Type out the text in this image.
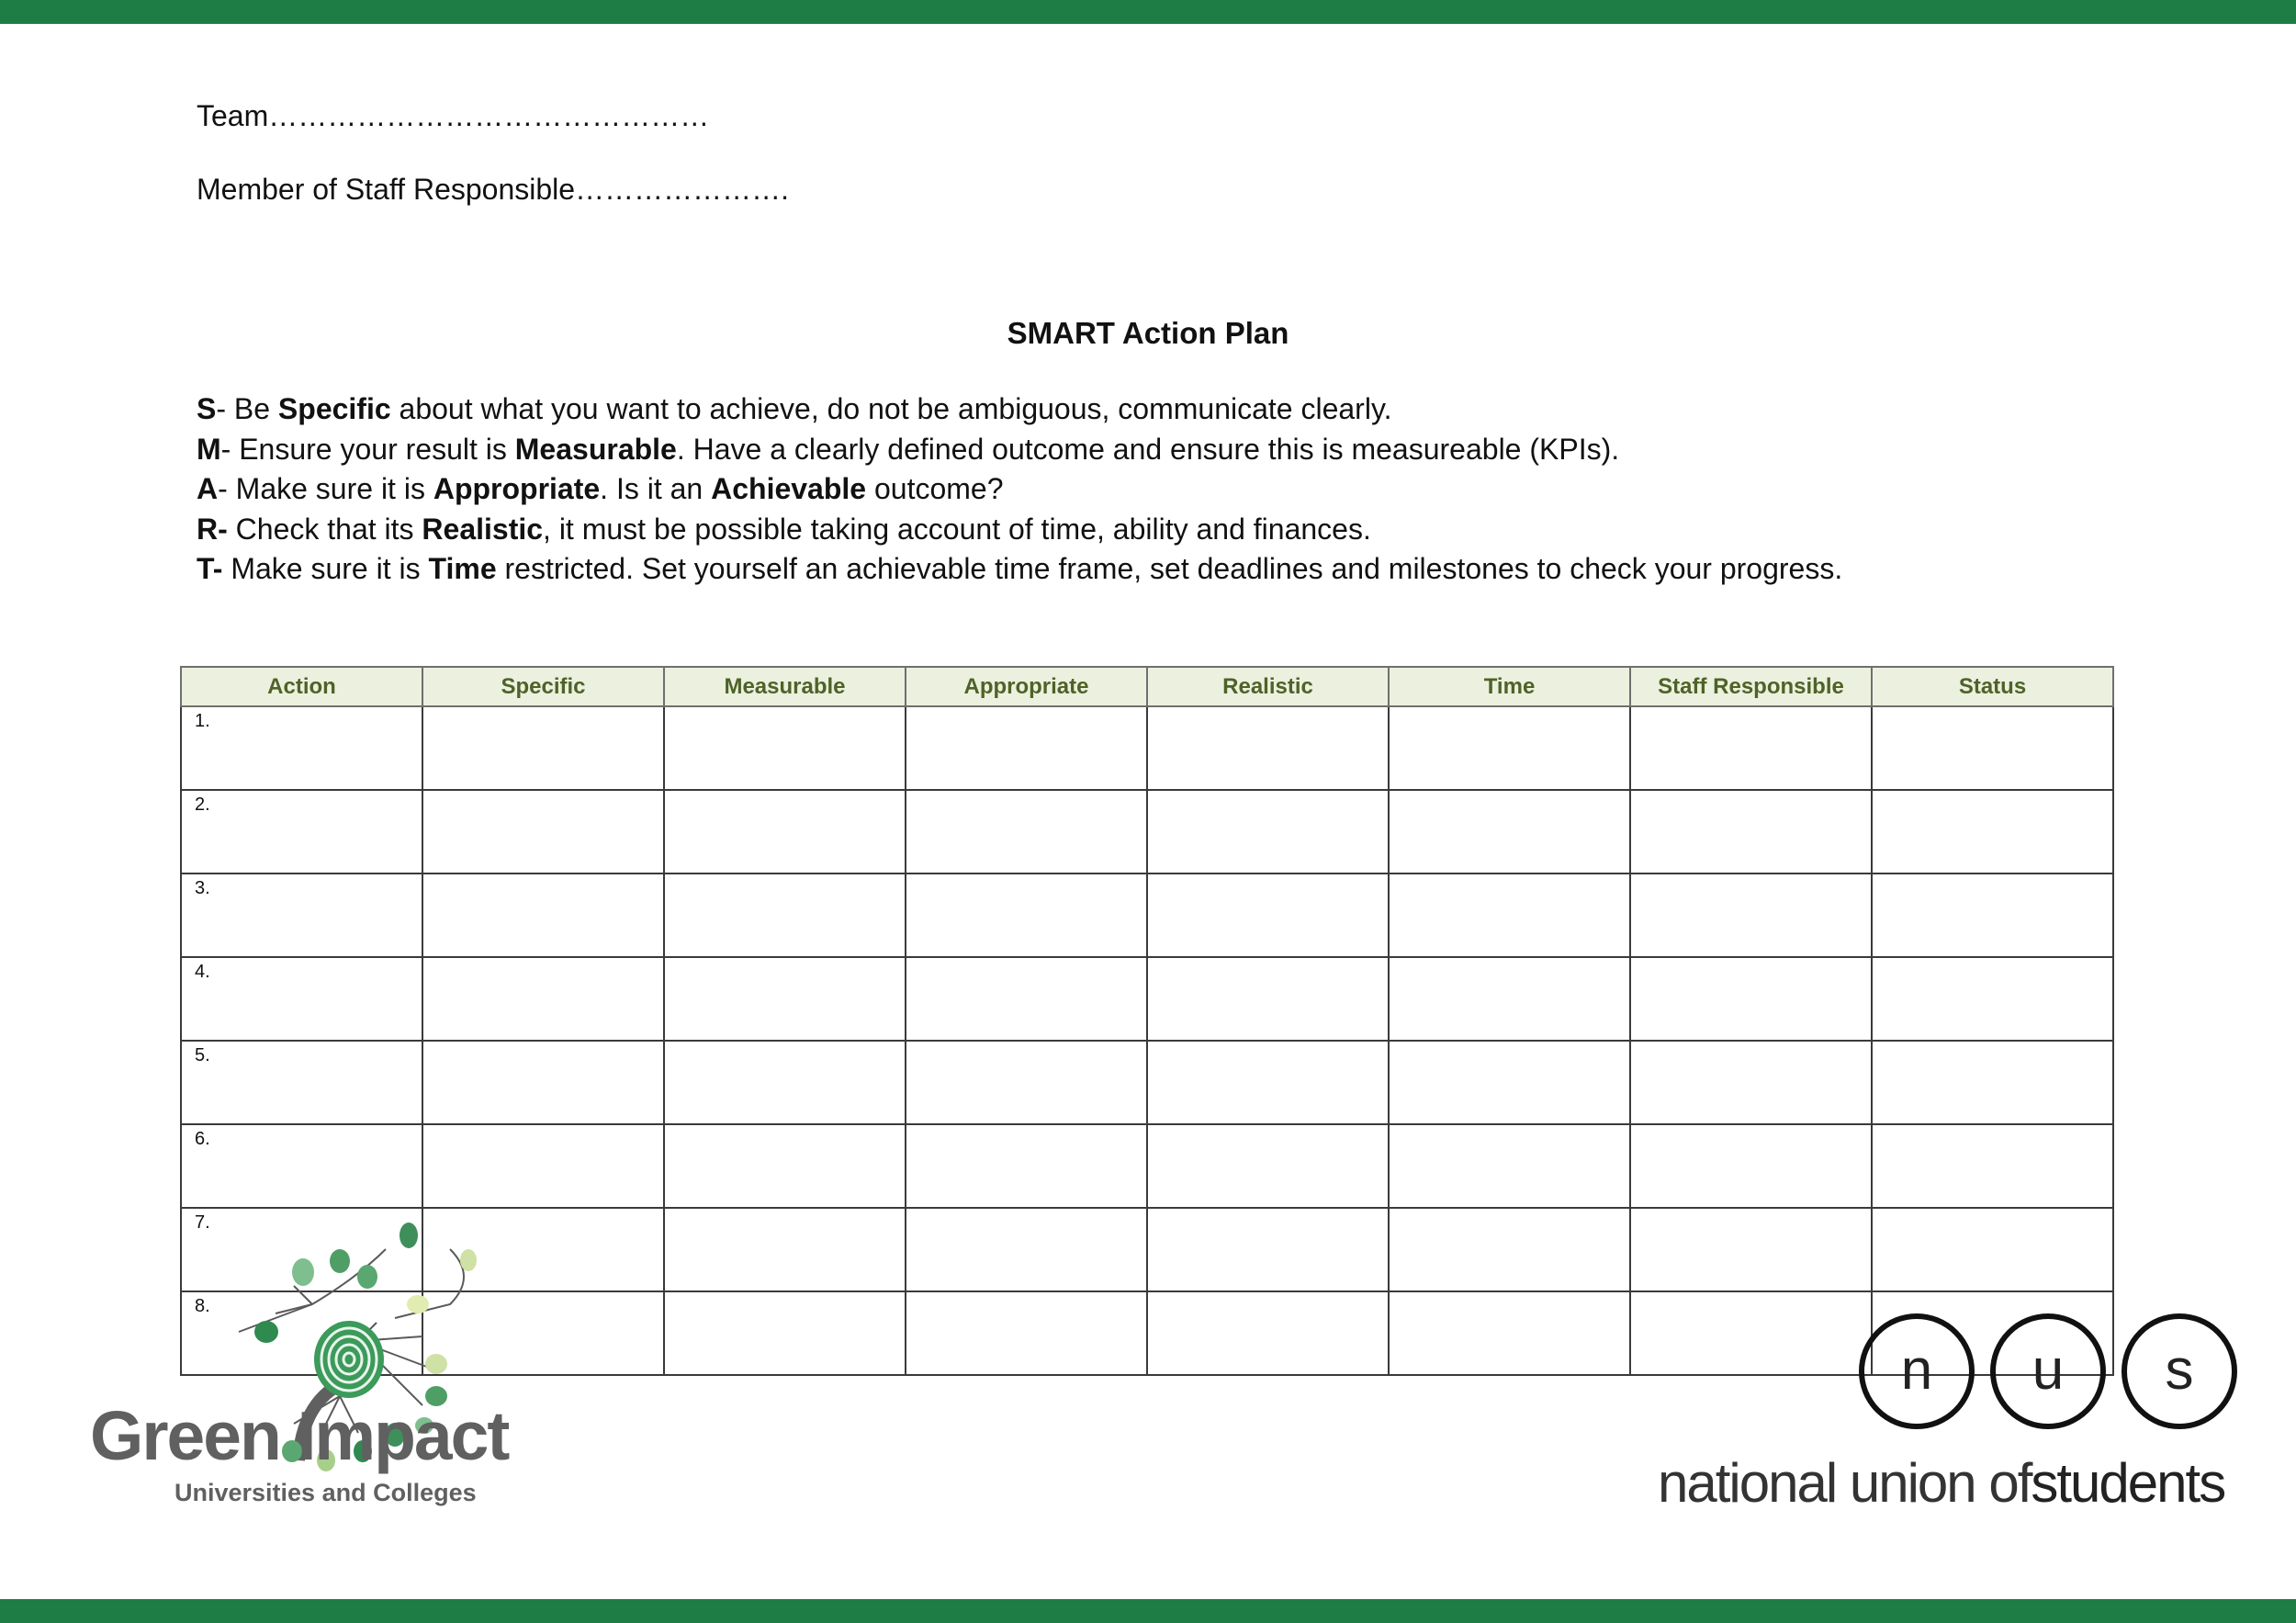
Team………………………………………
Member of Staff Responsible………………….
SMART Action Plan
S- Be Specific about what you want to achieve, do not be ambiguous, communicate clearly.
M- Ensure your result is Measurable. Have a clearly defined outcome and ensure this is measureable (KPIs).
A- Make sure it is Appropriate. Is it an Achievable outcome?
R- Check that its Realistic, it must be possible taking account of time, ability and finances.
T- Make sure it is Time restricted. Set yourself an achievable time frame, set deadlines and milestones to check your progress.
Action	Specific	Measurable	Appropriate	Realistic	Time	Staff Responsible	Status
1.							
2.							
3.							
4.							
5.							
6.							
7.							
8.							
Green Impact
Universities and Colleges
n	u	s
national union ofstudents
